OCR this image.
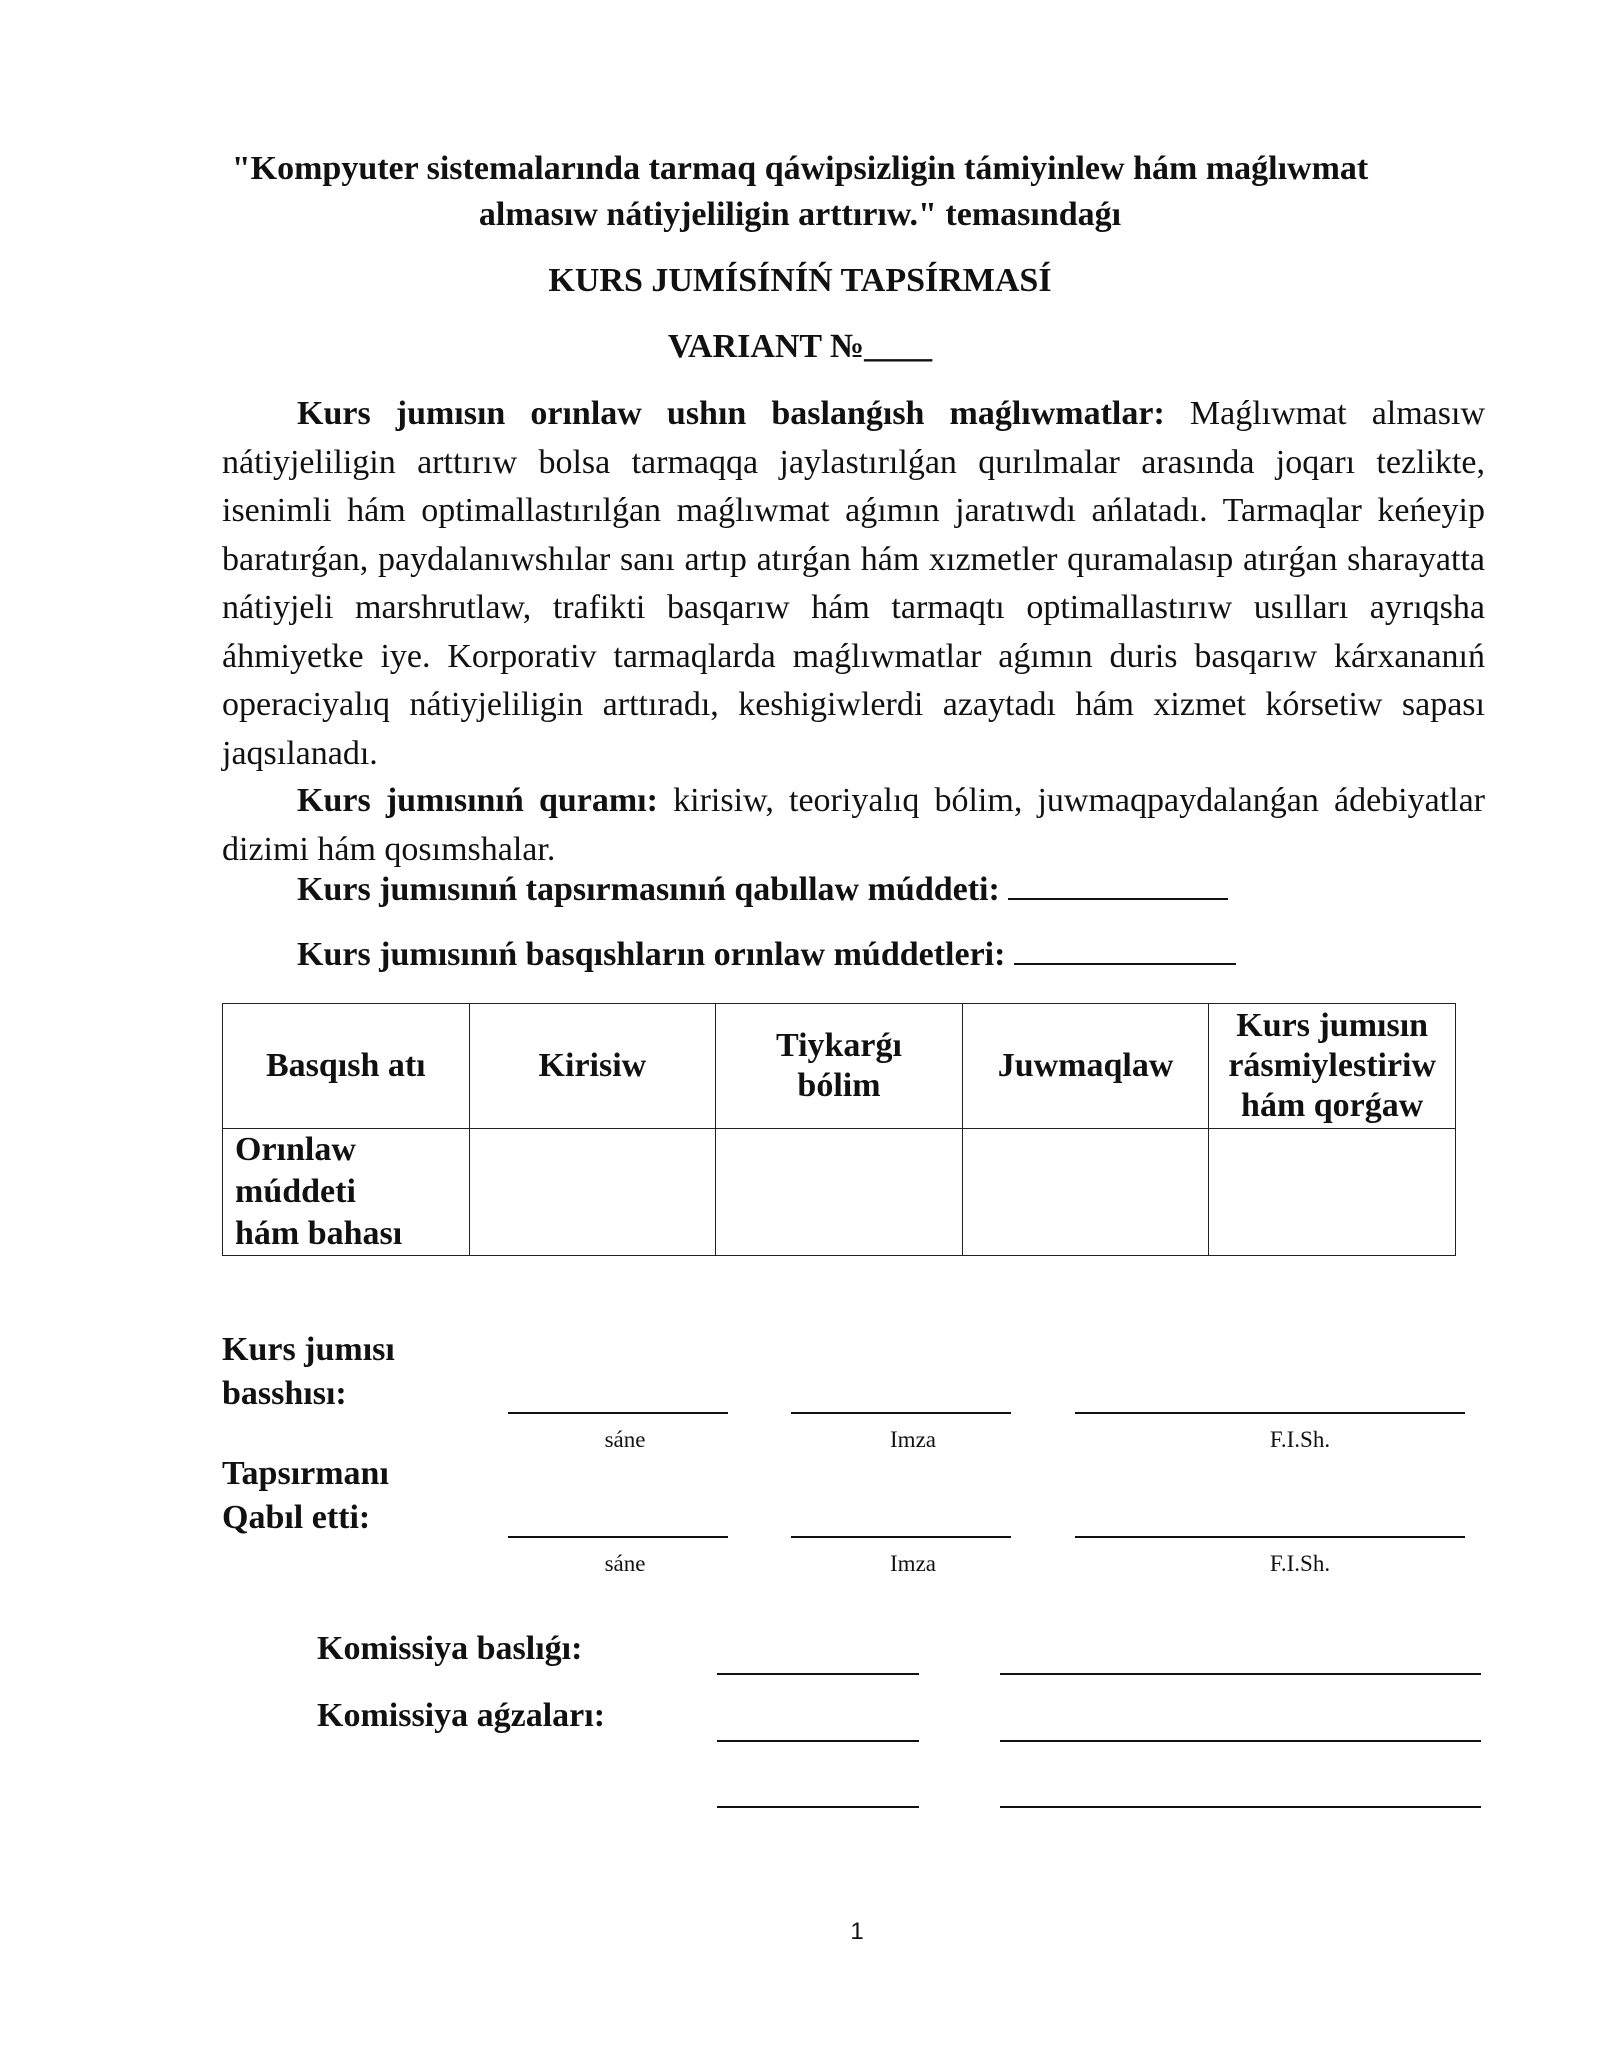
"Kompyuter sistemalarında tarmaq qáwipsizligin támiyinlew hám maǵlıwmat
almasıw nátiyjeliligin arttırıw." temasındaǵı
KURS JUMÍSÍNÍŃ TAPSÍRMASÍ
VARIANT №____
Kurs jumısın orınlaw ushın baslanǵısh maǵlıwmatlar: Maǵlıwmat almasıw nátiyjeliligin arttırıw bolsa tarmaqqa jaylastırılǵan qurılmalar arasında joqarı tezlikte, isenimli hám optimallastırılǵan maǵlıwmat aǵımın jaratıwdı ańlatadı. Tarmaqlar keńeyip baratırǵan, paydalanıwshılar sanı artıp atırǵan hám xızmetler quramalasıp atırǵan sharayatta nátiyjeli marshrutlaw, trafikti basqarıw hám tarmaqtı optimallastırıw usılları ayrıqsha áhmiyetke iye. Korporativ tarmaqlarda maǵlıwmatlar aǵımın duris basqarıw kárxananıń operaciyalıq nátiyjeliligin arttıradı, keshigiwlerdi azaytadı hám xizmet kórsetiw sapası jaqsılanadı.
Kurs jumısınıń quramı: kirisiw, teoriyalıq bólim, juwmaqpaydalanǵan ádebiyatlar dizimi hám qosımshalar.
Kurs jumısınıń tapsırmasınıń qabıllaw múddeti:
Kurs jumısınıń basqıshların orınlaw múddetleri:
Basqısh atı	Kirisiw	Tiykarǵı bólim	Juwmaqlaw	Kurs jumısın rásmiylestiriw hám qorǵaw
Orınlaw múddeti hám bahası				
Kurs jumısı basshısı:
sáne	Imza	F.I.Sh.
Tapsırmanı Qabıl etti:
sáne	Imza	F.I.Sh.
Komissiya baslıǵı:
Komissiya aǵzaları:
1
